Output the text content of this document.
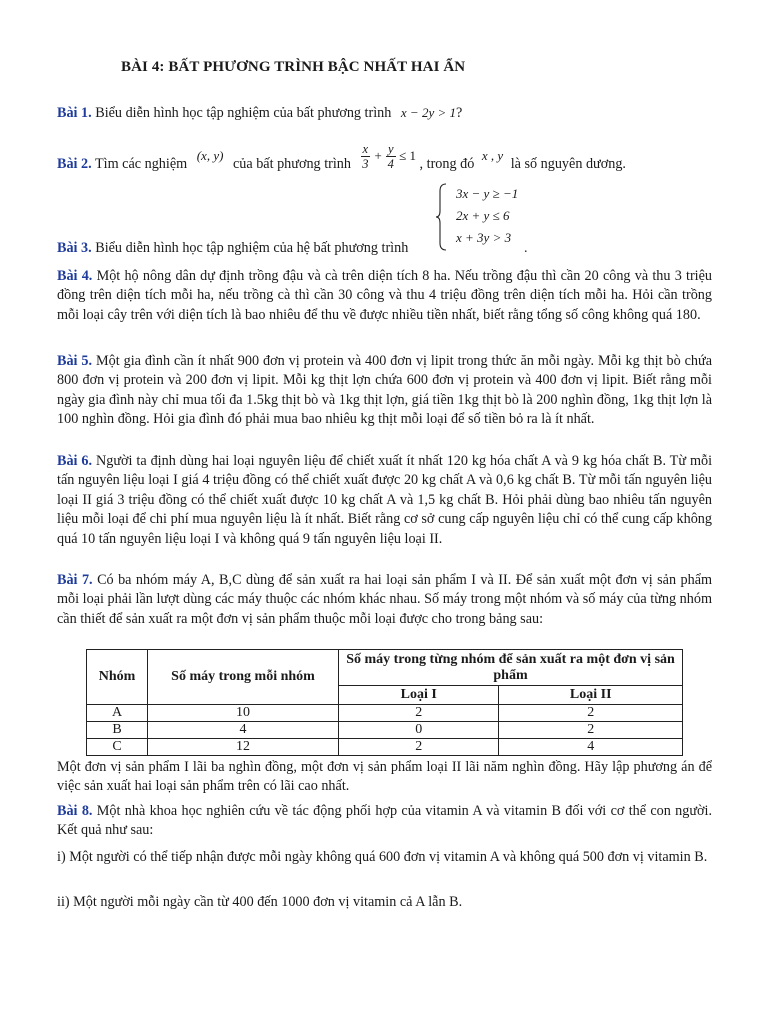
BÀI 4: BẤT PHƯƠNG TRÌNH BẬC NHẤT HAI ẨN
Bài 1. Biểu diễn hình học tập nghiệm của bất phương trình x − 2y > 1?
Bài 2. Tìm các nghiệm (x, y) của bất phương trình $\frac{x}{3} + \frac{y}{4} \le 1$ , trong đó x , y là số nguyên dương.
Bài 3. Biểu diễn hình học tập nghiệm của hệ bất phương trình
3x − y ≥ −1
2x + y ≤ 6
x + 3y > 3
.
Bài 4. Một hộ nông dân dự định trồng đậu và cà trên diện tích 8 ha. Nếu trồng đậu thì cần 20 công và thu 3 triệu đồng trên diện tích mỗi ha, nếu trồng cà thì cần 30 công và thu 4 triệu đồng trên diện tích mỗi ha. Hỏi cần trồng mỗi loại cây trên với diện tích là bao nhiêu để thu về được nhiều tiền nhất, biết rằng tổng số công không quá 180.
Bài 5. Một gia đình cần ít nhất 900 đơn vị protein và 400 đơn vị lipit trong thức ăn mỗi ngày. Mỗi kg thịt bò chứa 800 đơn vị protein và 200 đơn vị lipit. Mỗi kg thịt lợn chứa 600 đơn vị protein và 400 đơn vị lipit. Biết rằng mỗi ngày gia đình này chỉ mua tối đa 1.5kg thịt bò và 1kg thịt lợn, giá tiền 1kg thịt bò là 200 nghìn đồng, 1kg thịt lợn là 100 nghìn đồng. Hỏi gia đình đó phải mua bao nhiêu kg thịt mỗi loại để số tiền bỏ ra là ít nhất.
Bài 6. Người ta định dùng hai loại nguyên liệu để chiết xuất ít nhất 120 kg hóa chất A và 9 kg hóa chất B. Từ mỗi tấn nguyên liệu loại I giá 4 triệu đồng có thể chiết xuất được 20 kg chất A và 0,6 kg chất B. Từ mỗi tấn nguyên liệu loại II giá 3 triệu đồng có thể chiết xuất được 10 kg chất A và 1,5 kg chất B. Hỏi phải dùng bao nhiêu tấn nguyên liệu mỗi loại để chi phí mua nguyên liệu là ít nhất. Biết rằng cơ sở cung cấp nguyên liệu chỉ có thể cung cấp không quá 10 tấn nguyên liệu loại I và không quá 9 tấn nguyên liệu loại II.
Bài 7. Có ba nhóm máy A, B,C dùng để sản xuất ra hai loại sản phẩm I và II. Để sản xuất một đơn vị sản phẩm mỗi loại phải lần lượt dùng các máy thuộc các nhóm khác nhau. Số máy trong một nhóm và số máy của từng nhóm cần thiết để sản xuất ra một đơn vị sản phẩm thuộc mỗi loại được cho trong bảng sau:
Nhóm	Số máy trong mỗi nhóm	Số máy trong từng nhóm để sản xuất ra một đơn vị sản phẩm	
		Loại I	Loại II
A	10	2	2
B	4	0	2
C	12	2	4
Một đơn vị sản phẩm I lãi ba nghìn đồng, một đơn vị sản phẩm loại II lãi năm nghìn đồng. Hãy lập phương án để việc sản xuất hai loại sản phẩm trên có lãi cao nhất.
Bài 8. Một nhà khoa học nghiên cứu về tác động phối hợp của vitamin A và vitamin B đối với cơ thể con người. Kết quả như sau:
i) Một người có thể tiếp nhận được mỗi ngày không quá 600 đơn vị vitamin A và không quá 500 đơn vị vitamin B.
ii) Một người mỗi ngày cần từ 400 đến 1000 đơn vị vitamin cả A lẫn B.
